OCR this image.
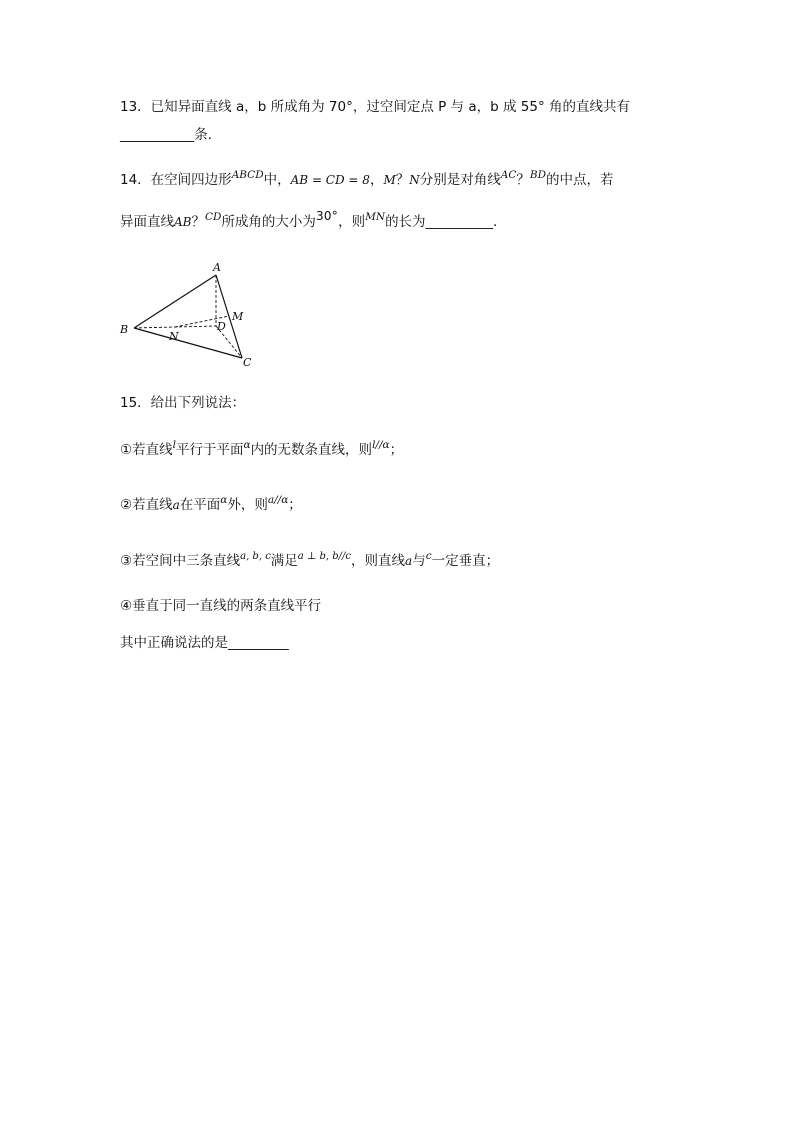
13．已知异面直线 a，b 所成角为 70°，过空间定点 P 与 a，b 成 55° 角的直线共有
___________条．
14．在空间四边形$^{ABCD}$中，AB = CD = 8，M？N分别是对角线$^{AC}$？$^{BD}$的中点，若
异面直线AB？$^{CD}$所成角的大小为30°，则$^{MN}$的长为__________．
A
B
C
D
M
N
15．给出下列说法：
①若直线$^l$平行于平面$^\alpha$内的无数条直线，则$^{l//\alpha}$；
②若直线a在平面$^\alpha$外，则$^{a//\alpha}$；
③若空间中三条直线$^{a, b, c}$满足$^{a \perp b, b//c}$，则直线a与$^c$一定垂直；
④垂直于同一直线的两条直线平行
其中正确说法的是_________
